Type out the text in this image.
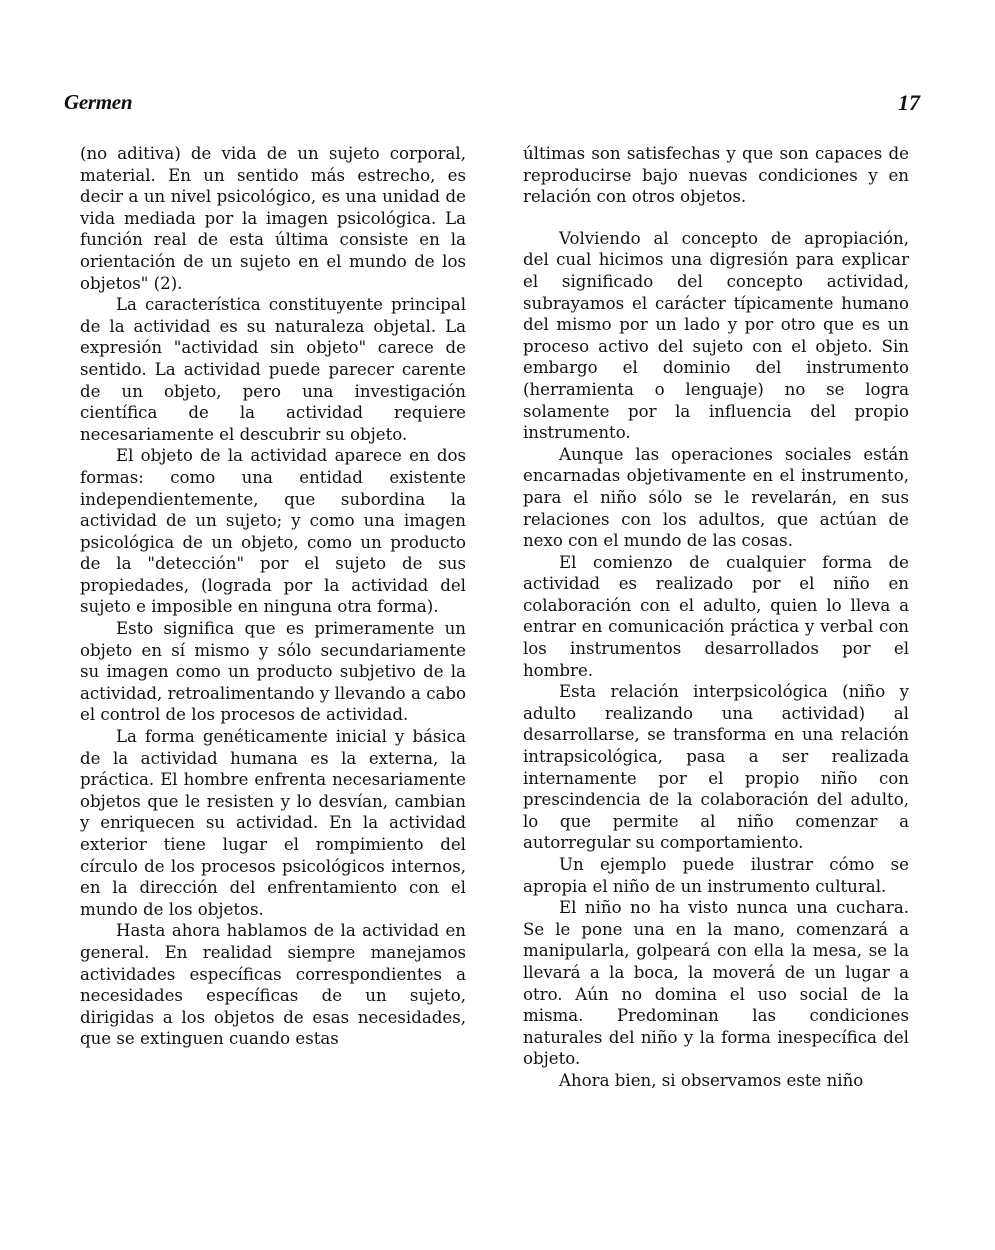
Germen	17

(no aditiva) de vida de un sujeto corporal, material. En un sentido más estrecho, es decir a un nivel psicológico, es una unidad de vida mediada por la imagen psicológica. La función real de esta última consiste en la orientación de un sujeto en el mundo de los objetos" (2).

La característica constituyente principal de la actividad es su naturaleza objetal. La expresión "actividad sin objeto" carece de sentido. La actividad puede parecer carente de un objeto, pero una investigación científica de la actividad requiere necesariamente el descubrir su objeto.

El objeto de la actividad aparece en dos formas: como una entidad existente independientemente, que subordina la actividad de un sujeto; y como una imagen psicológica de un objeto, como un producto de la "detección" por el sujeto de sus propiedades, (lograda por la actividad del sujeto e imposible en ninguna otra forma).

Esto significa que es primeramente un objeto en sí mismo y sólo secundariamente su imagen como un producto subjetivo de la actividad, retroalimentando y llevando a cabo el control de los procesos de actividad.

La forma genéticamente inicial y básica de la actividad humana es la externa, la práctica. El hombre enfrenta necesariamente objetos que le resisten y lo desvían, cambian y enriquecen su actividad. En la actividad exterior tiene lugar el rompimiento del círculo de los procesos psicológicos internos, en la dirección del enfrentamiento con el mundo de los objetos.

Hasta ahora hablamos de la actividad en general. En realidad siempre manejamos actividades específicas correspondientes a necesidades específicas de un sujeto, dirigidas a los objetos de esas necesidades, que se extinguen cuando estas

últimas son satisfechas y que son capaces de reproducirse bajo nuevas condiciones y en relación con otros objetos.

Volviendo al concepto de apropiación, del cual hicimos una digresión para explicar el significado del concepto actividad, subrayamos el carácter típicamente humano del mismo por un lado y por otro que es un proceso activo del sujeto con el objeto. Sin embargo el dominio del instrumento (herramienta o lenguaje) no se logra solamente por la influencia del propio instrumento.

Aunque las operaciones sociales están encarnadas objetivamente en el instrumento, para el niño sólo se le revelarán, en sus relaciones con los adultos, que actúan de nexo con el mundo de las cosas.

El comienzo de cualquier forma de actividad es realizado por el niño en colaboración con el adulto, quien lo lleva a entrar en comunicación práctica y verbal con los instrumentos desarrollados por el hombre.

Esta relación interpsicológica (niño y adulto realizando una actividad) al desarrollarse, se transforma en una relación intrapsicológica, pasa a ser realizada internamente por el propio niño con prescindencia de la colaboración del adulto, lo que permite al niño comenzar a autorregular su comportamiento.

Un ejemplo puede ilustrar cómo se apropia el niño de un instrumento cultural.

El niño no ha visto nunca una cuchara. Se le pone una en la mano, comenzará a manipularla, golpeará con ella la mesa, se la llevará a la boca, la moverá de un lugar a otro. Aún no domina el uso social de la misma. Predominan las condiciones naturales del niño y la forma inespecífica del objeto.

Ahora bien, si observamos este niño
